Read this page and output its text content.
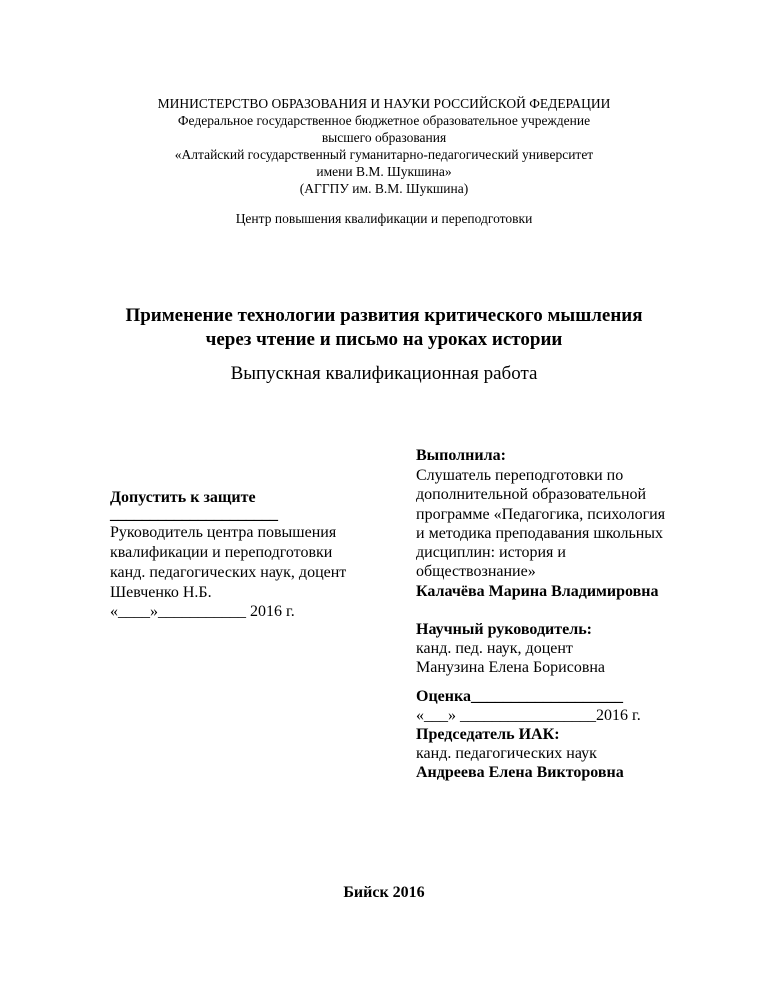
МИНИСТЕРСТВО ОБРАЗОВАНИЯ И НАУКИ РОССИЙСКОЙ ФЕДЕРАЦИИ
Федеральное государственное бюджетное образовательное учреждение
высшего образования
«Алтайский государственный гуманитарно-педагогический университет
имени В.М. Шукшина»
(АГГПУ им. В.М. Шукшина)
Центр повышения квалификации и переподготовки
Применение технологии развития критического мышления
через чтение и письмо на уроках истории
Выпускная квалификационная работа
Допустить к защите
_____________________
Руководитель центра повышения
квалификации и переподготовки
канд. педагогических наук, доцент
Шевченко Н.Б.
«____»___________ 2016 г.
Выполнила:
Слушатель переподготовки по
дополнительной образовательной
программе «Педагогика, психология
и методика преподавания школьных
дисциплин: история и
обществознание»
Калачёва Марина Владимировна
Научный руководитель:
канд. пед. наук, доцент
Манузина Елена Борисовна
Оценка___________________
«___» _________________2016 г.
Председатель ИАК:
канд. педагогических наук
Андреева Елена Викторовна
Бийск 2016
